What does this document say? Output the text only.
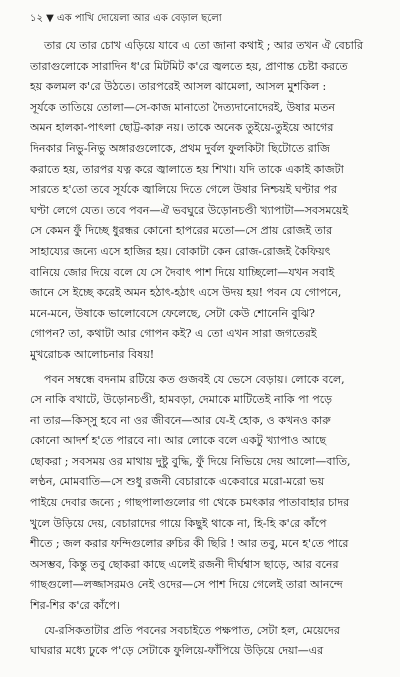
১২ ▼ এক পাখি দোয়েলা আর এক বেড়াল ছলো
তার যে তার চোখ এড়িয়ে যাবে এ তো জানা কথাই ; আর তখন ঐ বেচারি
তারাগুলোকে সারাদিন ধ'রে মিটমিট ক'রে জ্বলতে হয়, প্রাণান্ত চেষ্টা করতে
হয় কলমল ক'রে উঠতে। তারপরেই আসল ঝামেলা, আসল মুশকিল :
সূর্যকে তাতিয়ে তোলা—সে-কাজ মানাতো দৈত্যদানোদেরই, উষার মতন
অমন হালকা-পাৎলা ছোট্ট-কারু নয়। তাকে অনেক তুইয়ে-তুইয়ে আগের
দিনকার নিভু-নিভু অঙ্গারগুলোকে, প্রথম দুর্বল ফুলকিটা ছিটোতে রাজি
করাতে হয়, তারপর যত্ন করে জ্বালাতে হয় শিখা। যদি তাকে একাই কাজটা
সারতে হ'তো তবে সূর্যকে জ্বালিয়ে দিতে গেলে উষার নিশ্চয়ই ঘণ্টার পর
ঘণ্টা লেগে যেত। তবে পবন—ঐ ভবঘুরে উড়োনচণ্ডী খ্যাপাটা—সবসময়েই
সে কেমন ফুঁ দিচ্ছে ধুরন্ধর কোনো হাপরের মতো—সে প্রায় রোজই তার
সাহায্যের জন্যে এসে হাজির হয়। বোকাটা কেন রোজ-রোজই কৈফিয়ৎ
বানিয়ে জোর দিয়ে বলে যে সে দৈবাৎ পাশ দিয়ে যাচ্ছিলো—যখন সবাই
জানে সে ইচ্ছে করেই অমন হঠাৎ-হঠাৎ এসে উদয় হয়! পবন যে গোপনে,
মনে-মনে, উষাকে ভালোবেসে ফেলেছে, সেটা কেউ শোনেনি বুঝি?
গোপন? তা, কথাটা আর গোপন কই? এ তো এখন সারা জগতেরই
মুখরোচক আলোচনার বিষয়!
পবন সম্বন্ধে বদনাম রটিয়ে কত গুজবই যে ভেসে বেড়ায়। লোকে বলে,
সে নাকি বখাটে, উড়োনচণ্ডী, হামবড়া, দেমাকে মাটিতেই নাকি পা পড়ে
না তার—কিস্সু হবে না ওর জীবনে—আর যে-ই হোক, ও কখনও কারু
কোনো আদর্শ হ'তে পারবে না। আর লোকে বলে একটু খ্যাপাও আছে
ছোকরা ; সবসময় ওর মাথায় দুষ্টু বুদ্ধি, ফুঁ দিয়ে নিভিয়ে দেয় আলো—বাতি,
লণ্ঠন, মোমবাতি—সে শুধু রজনী বেচারাকে একেবারে মরো-মরো ভয়
পাইয়ে দেবার জন্যে ; গাছপালাগুলোর গা থেকে চমৎকার পাতাবাহার চাদর
খুলে উড়িয়ে দেয়, বেচারাদের গায়ে কিছুই থাকে না, হি-হি ক'রে কাঁপে
শীতে ; জল করার ফন্দিগুলোর রুচির কী ছিরি ! আর তবু, মনে হ'তে পারে
অসম্ভব, কিন্তু তবু ছোকরা কাছে এলেই রজনী দীর্ঘশ্বাস ছাড়ে, আর বনের
গাছগুলো—লজ্জাসরমও নেই ওদের—সে পাশ দিয়ে গেলেই তারা আনন্দে
শির-শির ক'রে কাঁপে।
যে-রসিকতাটার প্রতি পবনের সবচাইতে পক্ষপাত, সেটা হল, মেয়েদের
ঘাঘরার মধ্যে ঢুকে প'ড়ে সেটাকে ফুলিয়ে-ফাঁপিয়ে উড়িয়ে দেয়া—এর
